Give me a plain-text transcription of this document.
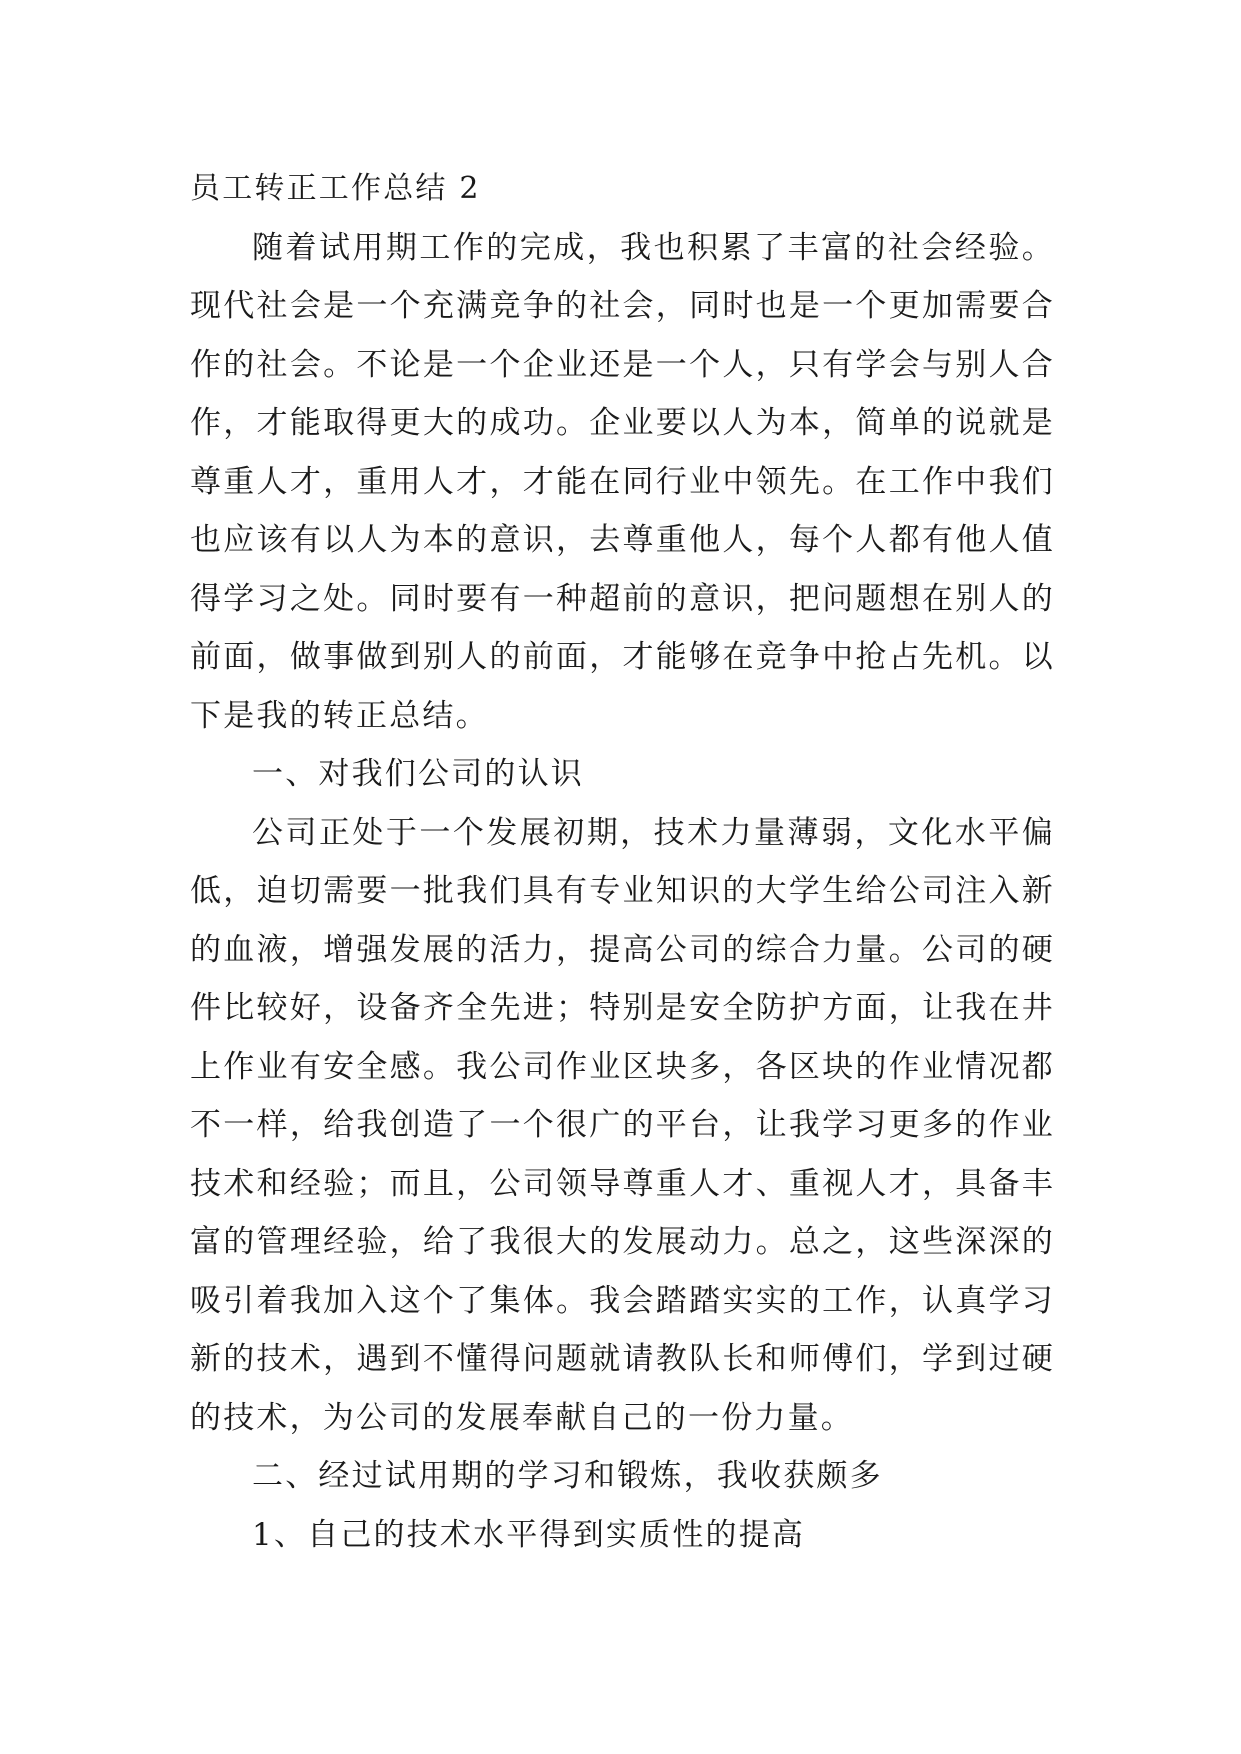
员工转正工作总结 2

随着试用期工作的完成，我也积累了丰富的社会经验。现代社会是一个充满竞争的社会，同时也是一个更加需要合作的社会。不论是一个企业还是一个人，只有学会与别人合作，才能取得更大的成功。企业要以人为本，简单的说就是尊重人才，重用人才，才能在同行业中领先。在工作中我们也应该有以人为本的意识，去尊重他人，每个人都有他人值得学习之处。同时要有一种超前的意识，把问题想在别人的前面，做事做到别人的前面，才能够在竞争中抢占先机。以下是我的转正总结。

一、对我们公司的认识

公司正处于一个发展初期，技术力量薄弱，文化水平偏低，迫切需要一批我们具有专业知识的大学生给公司注入新的血液，增强发展的活力，提高公司的综合力量。公司的硬件比较好，设备齐全先进；特别是安全防护方面，让我在井上作业有安全感。我公司作业区块多，各区块的作业情况都不一样，给我创造了一个很广的平台，让我学习更多的作业技术和经验；而且，公司领导尊重人才、重视人才，具备丰富的管理经验，给了我很大的发展动力。总之，这些深深的吸引着我加入这个了集体。我会踏踏实实的工作，认真学习新的技术，遇到不懂得问题就请教队长和师傅们，学到过硬的技术，为公司的发展奉献自己的一份力量。

二、经过试用期的学习和锻炼，我收获颇多
1、自己的技术水平得到实质性的提高
